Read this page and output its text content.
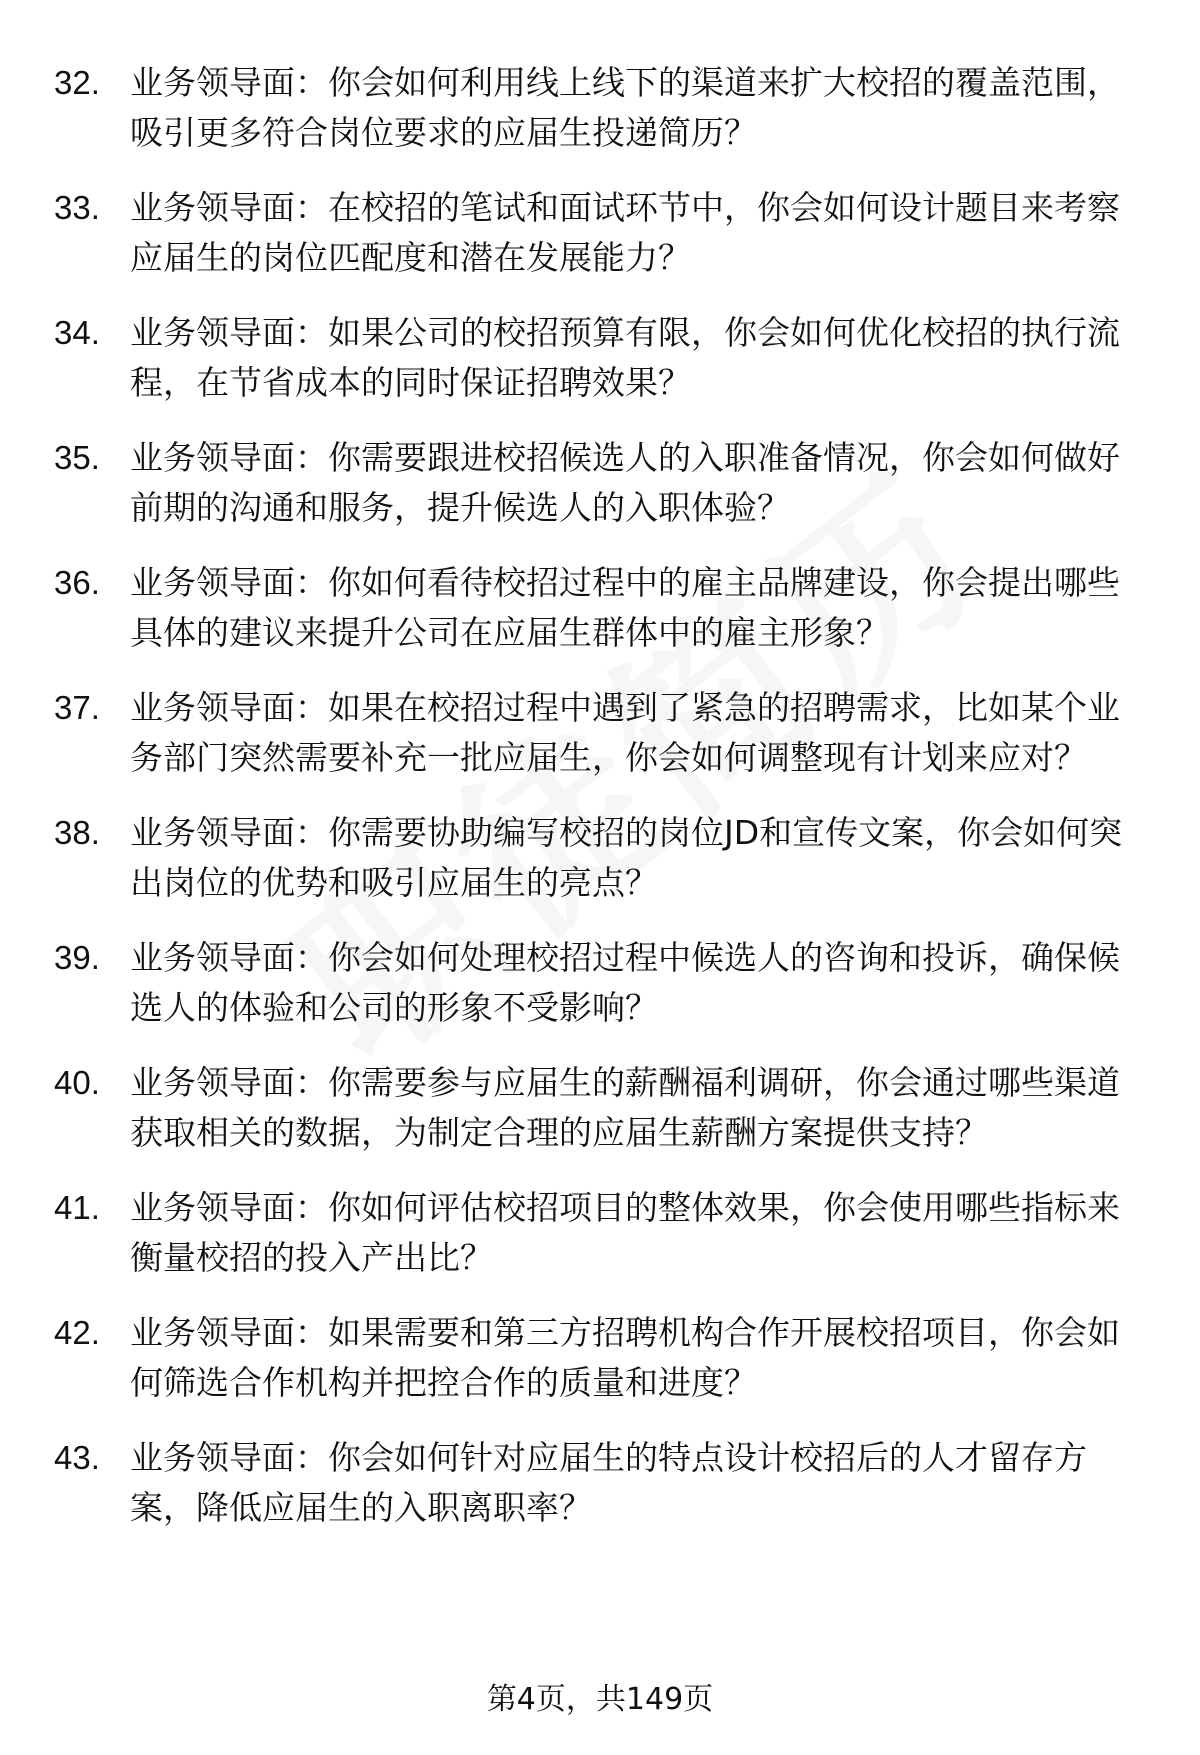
32. 业务领导面：你会如何利用线上线下的渠道来扩大校招的覆盖范围，吸引更多符合岗位要求的应届生投递简历？
33. 业务领导面：在校招的笔试和面试环节中，你会如何设计题目来考察应届生的岗位匹配度和潜在发展能力？
34. 业务领导面：如果公司的校招预算有限，你会如何优化校招的执行流程，在节省成本的同时保证招聘效果？
35. 业务领导面：你需要跟进校招候选人的入职准备情况，你会如何做好前期的沟通和服务，提升候选人的入职体验？
36. 业务领导面：你如何看待校招过程中的雇主品牌建设，你会提出哪些具体的建议来提升公司在应届生群体中的雇主形象？
37. 业务领导面：如果在校招过程中遇到了紧急的招聘需求，比如某个业务部门突然需要补充一批应届生，你会如何调整现有计划来应对？
38. 业务领导面：你需要协助编写校招的岗位JD和宣传文案，你会如何突出岗位的优势和吸引应届生的亮点？
39. 业务领导面：你会如何处理校招过程中候选人的咨询和投诉，确保候选人的体验和公司的形象不受影响？
40. 业务领导面：你需要参与应届生的薪酬福利调研，你会通过哪些渠道获取相关的数据，为制定合理的应届生薪酬方案提供支持？
41. 业务领导面：你如何评估校招项目的整体效果，你会使用哪些指标来衡量校招的投入产出比？
42. 业务领导面：如果需要和第三方招聘机构合作开展校招项目，你会如何筛选合作机构并把控合作的质量和进度？
43. 业务领导面：你会如何针对应届生的特点设计校招后的人才留存方案，降低应届生的入职离职率？
第4页，共149页
